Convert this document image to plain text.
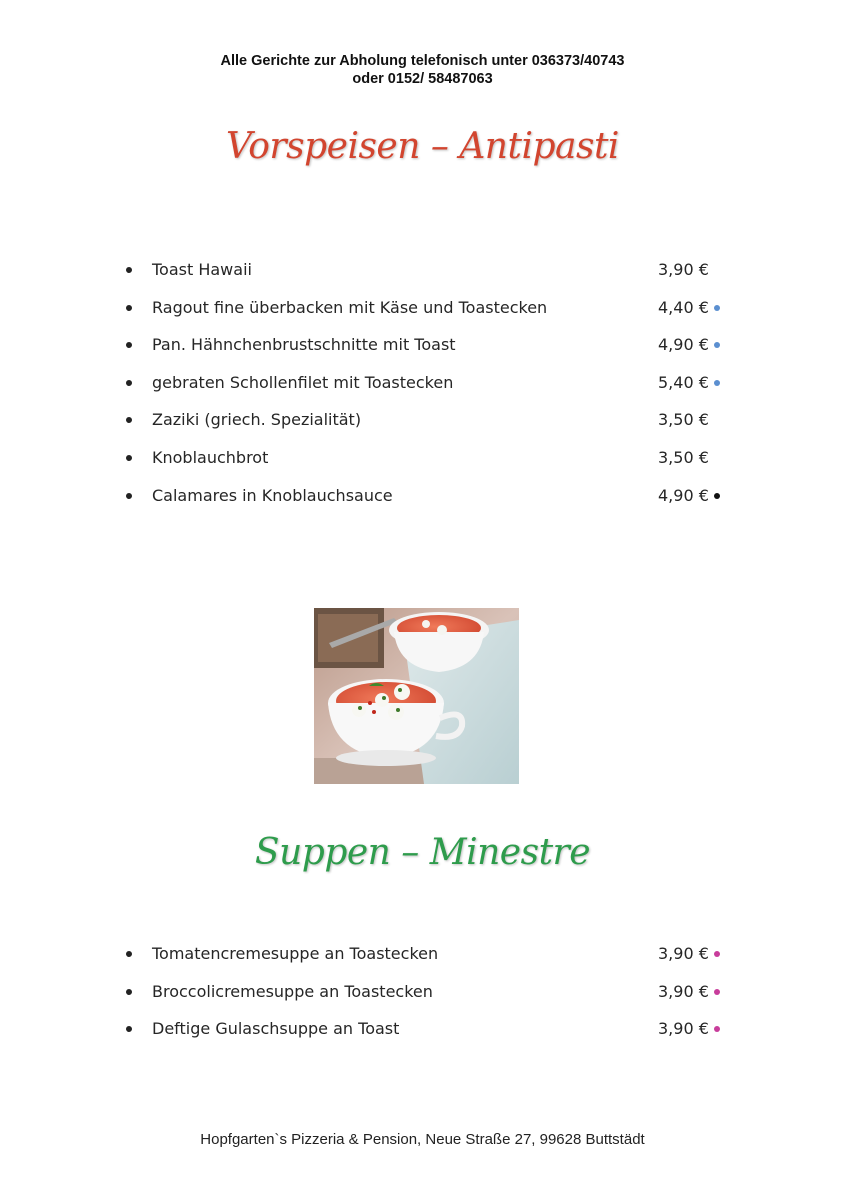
Alle Gerichte zur Abholung telefonisch unter 036373/40743
oder 0152/ 58487063
Vorspeisen – Antipasti
Toast Hawaii	3,90 €
Ragout fine überbacken mit Käse und Toastecken	4,40 €
Pan. Hähnchenbrustschnitte mit Toast	4,90 €
gebraten Schollenfilet mit Toastecken	5,40 €
Zaziki (griech. Spezialität)	3,50 €
Knoblauchbrot	3,50 €
Calamares in Knoblauchsauce	4,90 €
Suppen – Minestre
Tomatencremesuppe an Toastecken	3,90 €
Broccolicremesuppe an Toastecken	3,90 €
Deftige Gulaschsuppe an Toast	3,90 €
Hopfgarten`s Pizzeria & Pension, Neue Straße 27, 99628 Buttstädt
